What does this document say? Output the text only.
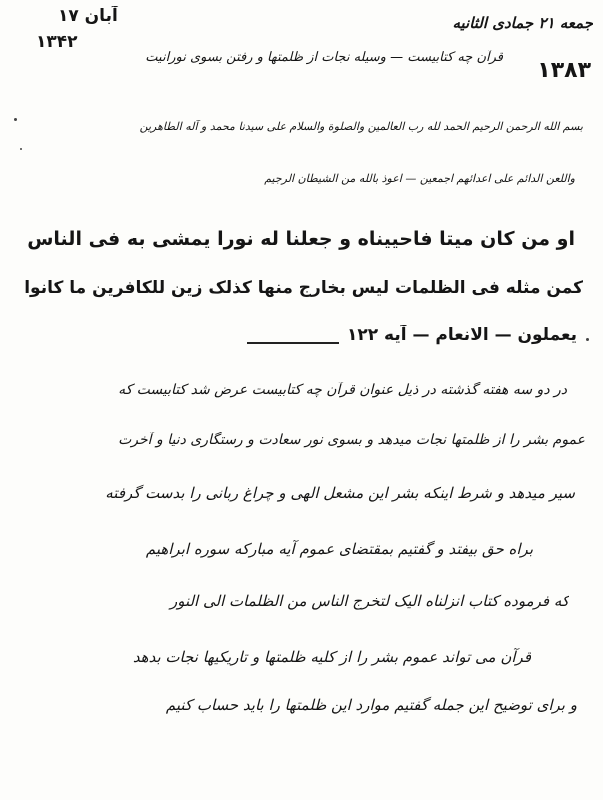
جمعه ۲۱ جمادی الثانیه
۱۷ آبان
۱۳۴۲
۱۳۸۳
قرآن چه کتابیست — وسیله نجات از ظلمتها و رفتن بسوی نورانیت
بسم الله الرحمن الرحیم الحمد لله رب العالمین والصلوة والسلام علی سیدنا محمد و آله الطاهرین
واللعن الدائم علی اعدائهم اجمعین — اعوذ بالله من الشیطان الرجیم
او من کان میتا فاحییناه و جعلنا له نورا یمشی به فی الناس
کمن مثله فی الظلمات لیس بخارج منها کذلک زین للکافرین ما کانوا
یعملون — الانعام — آیه ۱۲۲
در دو سه هفته گذشته در ذیل عنوان قرآن چه کتابیست عرض شد کتابیست که
عموم بشر را از ظلمتها نجات میدهد و بسوی نور سعادت و رستگاری دنیا و آخرت
سیر میدهد و شرط اینکه بشر این مشعل الهی و چراغ ربانی را بدست گرفته
براه حق بیفتد و گفتیم بمقتضای عموم آیه مبارکه سوره ابراهیم
که فرموده کتاب انزلناه الیک لتخرج الناس من الظلمات الی النور
قرآن می تواند عموم بشر را از کلیه ظلمتها و تاریکیها نجات بدهد
و برای توضیح این جمله گفتیم موارد این ظلمتها را باید حساب کنیم
